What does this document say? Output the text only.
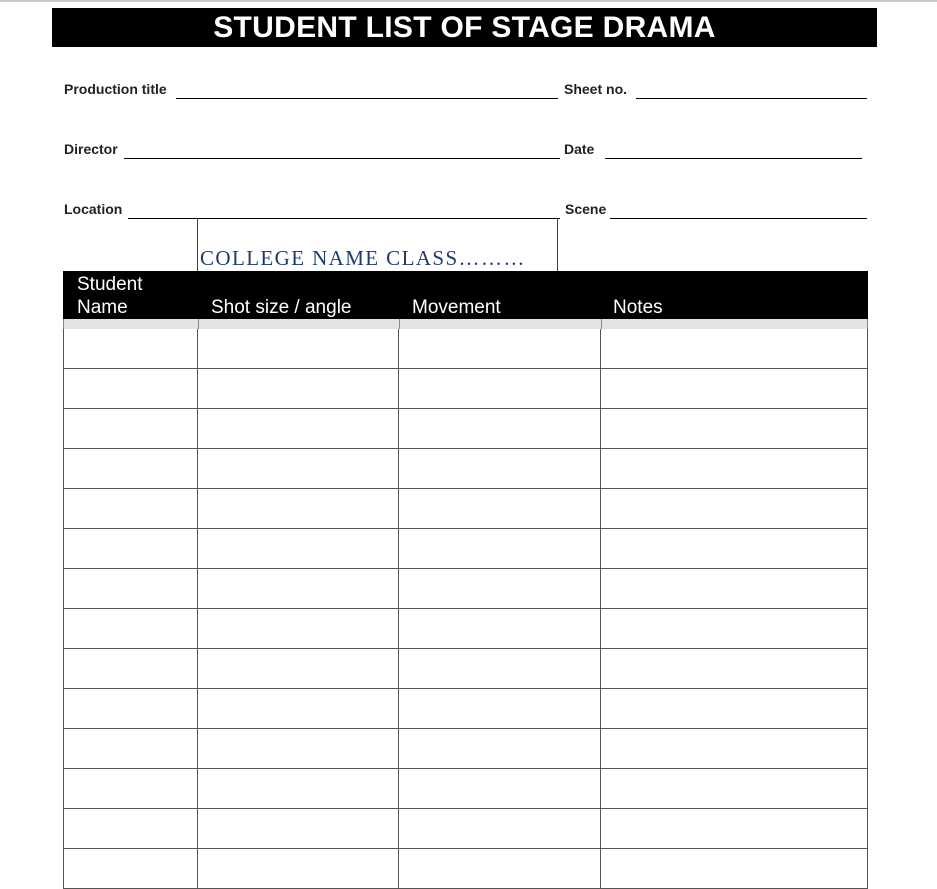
STUDENT LIST OF STAGE DRAMA
Production title	Sheet no.
Director	Date
Location	Scene
COLLEGE NAME CLASS………
Student
Name	Shot size / angle	Movement	Notes
